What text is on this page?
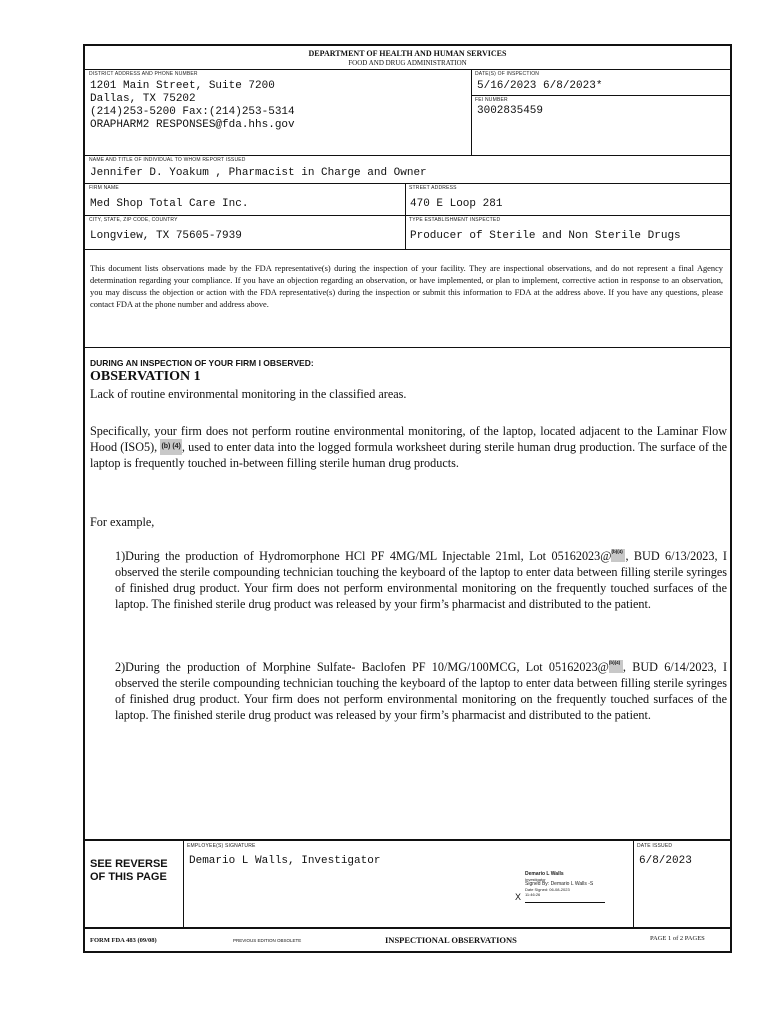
DEPARTMENT OF HEALTH AND HUMAN SERVICES
FOOD AND DRUG ADMINISTRATION
DISTRICT ADDRESS AND PHONE NUMBER
1201 Main Street, Suite 7200
Dallas, TX 75202
(214)253-5200 Fax:(214)253-5314
ORAPHARM2 RESPONSES@fda.hhs.gov
DATE(S) OF INSPECTION
5/16/2023 6/8/2023*
FEI NUMBER
3002835459
NAME AND TITLE OF INDIVIDUAL TO WHOM REPORT ISSUED
Jennifer D. Yoakum , Pharmacist in Charge and Owner
FIRM NAME
Med Shop Total Care Inc.
STREET ADDRESS
470 E Loop 281
CITY, STATE, ZIP CODE, COUNTRY
Longview, TX 75605-7939
TYPE ESTABLISHMENT INSPECTED
Producer of Sterile and Non Sterile Drugs
This document lists observations made by the FDA representative(s) during the inspection of your facility. They are inspectional observations, and do not represent a final Agency determination regarding your compliance. If you have an objection regarding an observation, or have implemented, or plan to implement, corrective action in response to an observation, you may discuss the objection or action with the FDA representative(s) during the inspection or submit this information to FDA at the address above. If you have any questions, please contact FDA at the phone number and address above.
DURING AN INSPECTION OF YOUR FIRM I OBSERVED:
OBSERVATION 1
Lack of routine environmental monitoring in the classified areas.
Specifically, your firm does not perform routine environmental monitoring, of the laptop, located adjacent to the Laminar Flow Hood (ISO5), (b) (4), used to enter data into the logged formula worksheet during sterile human drug production. The surface of the laptop is frequently touched in-between filling sterile human drug products.
For example,
1)During the production of Hydromorphone HCl PF 4MG/ML Injectable 21ml, Lot 05162023@ (b)(4) , BUD 6/13/2023, I observed the sterile compounding technician touching the keyboard of the laptop to enter data between filling sterile syringes of finished drug product. Your firm does not perform environmental monitoring on the frequently touched surfaces of the laptop. The finished sterile drug product was released by your firm’s pharmacist and distributed to the patient.
2)During the production of Morphine Sulfate- Baclofen PF 10/MG/100MCG, Lot 05162023@ (b)(4) , BUD 6/14/2023, I observed the sterile compounding technician touching the keyboard of the laptop to enter data between filling sterile syringes of finished drug product. Your firm does not perform environmental monitoring on the frequently touched surfaces of the laptop. The finished sterile drug product was released by your firm’s pharmacist and distributed to the patient.
SEE REVERSE
OF THIS PAGE
EMPLOYEE(S) SIGNATURE
Demario L Walls, Investigator
Demario L Walls
Investigator
Signed By: Demario L Walls -S
Date Signed: 06-08-2023
11:46:26
X
DATE ISSUED
6/8/2023
FORM FDA 483 (09/08)	PREVIOUS EDITION OBSOLETE	INSPECTIONAL OBSERVATIONS	PAGE 1 of 2 PAGES
